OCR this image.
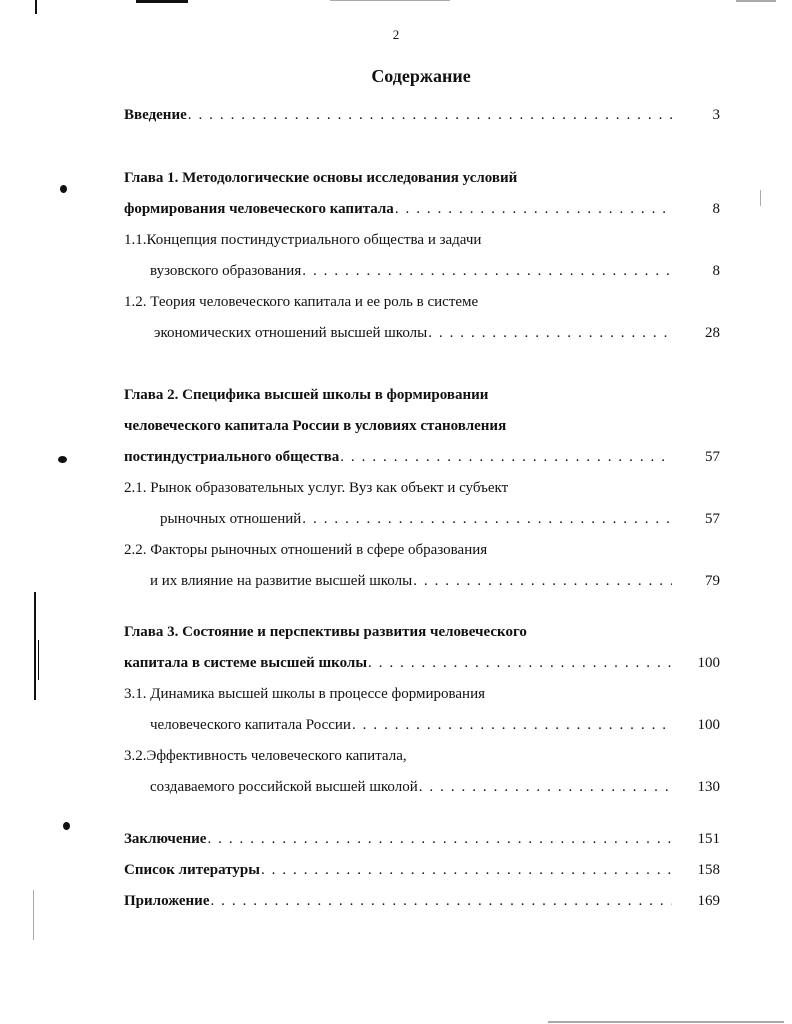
2
Содержание
Введение . . .	3
Глава 1. Методологические основы исследования условий
формирования человеческого капитала . . .	8
1.1.Концепция постиндустриального общества и задачи
вузовского образования . . .	8
1.2. Теория человеческого капитала и ее роль в системе
экономических отношений высшей школы . . .	28
Глава 2. Специфика высшей школы в формировании
человеческого капитала России в условиях становления
постиндустриального общества . . .	57
2.1. Рынок образовательных услуг. Вуз как объект и субъект
рыночных отношений . . .	57
2.2. Факторы рыночных отношений в сфере образования
и их влияние на развитие высшей школы . . .	79
Глава 3. Состояние и перспективы развития человеческого
капитала в системе высшей школы . . .	100
3.1. Динамика высшей школы в процессе формирования
человеческого капитала России . . .	100
3.2.Эффективность человеческого капитала,
создаваемого российской высшей школой . . .	130
Заключение . . .	151
Список литературы . . .	158
Приложение . . .	169
